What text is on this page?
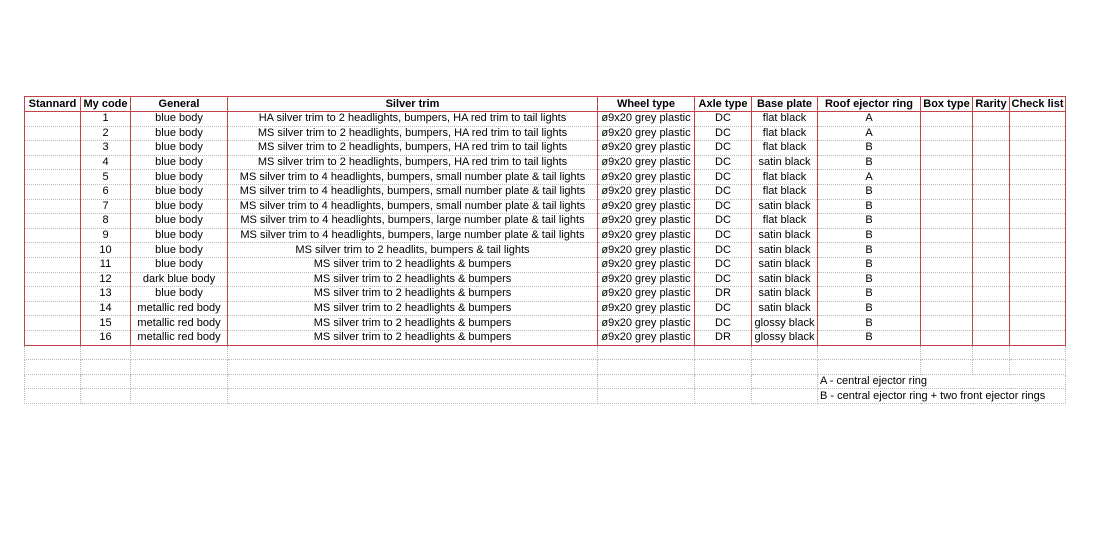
Stannard	My code	General	Silver trim	Wheel type	Axle type	Base plate	Roof ejector ring	Box type	Rarity	Check list
	1	blue body	HA silver trim to 2 headlights, bumpers, HA red trim to tail lights	ø9x20 grey plastic	DC	flat black	A			
	2	blue body	MS silver trim to 2 headlights, bumpers, HA red trim to tail lights	ø9x20 grey plastic	DC	flat black	A			
	3	blue body	MS silver trim to 2 headlights, bumpers, HA red trim to tail lights	ø9x20 grey plastic	DC	flat black	B			
	4	blue body	MS silver trim to 2 headlights, bumpers, HA red trim to tail lights	ø9x20 grey plastic	DC	satin black	B			
	5	blue body	MS silver trim to 4 headlights, bumpers, small number plate & tail lights	ø9x20 grey plastic	DC	flat black	A			
	6	blue body	MS silver trim to 4 headlights, bumpers, small number plate & tail lights	ø9x20 grey plastic	DC	flat black	B			
	7	blue body	MS silver trim to 4 headlights, bumpers, small number plate & tail lights	ø9x20 grey plastic	DC	satin black	B			
	8	blue body	MS silver trim to 4 headlights, bumpers, large number plate & tail lights	ø9x20 grey plastic	DC	flat black	B			
	9	blue body	MS silver trim to 4 headlights, bumpers, large number plate & tail lights	ø9x20 grey plastic	DC	satin black	B			
	10	blue body	MS silver trim to 2 headlits, bumpers & tail lights	ø9x20 grey plastic	DC	satin black	B			
	11	blue body	MS silver trim to 2 headlights & bumpers	ø9x20 grey plastic	DC	satin black	B			
	12	dark blue body	MS silver trim to 2 headlights & bumpers	ø9x20 grey plastic	DC	satin black	B			
	13	blue body	MS silver trim to 2 headlights & bumpers	ø9x20 grey plastic	DR	satin black	B			
	14	metallic red body	MS silver trim to 2 headlights & bumpers	ø9x20 grey plastic	DC	satin black	B			
	15	metallic red body	MS silver trim to 2 headlights & bumpers	ø9x20 grey plastic	DC	glossy black	B			
	16	metallic red body	MS silver trim to 2 headlights & bumpers	ø9x20 grey plastic	DR	glossy black	B			

							A - central ejector ring			
							B - central ejector ring + two front ejector rings			
